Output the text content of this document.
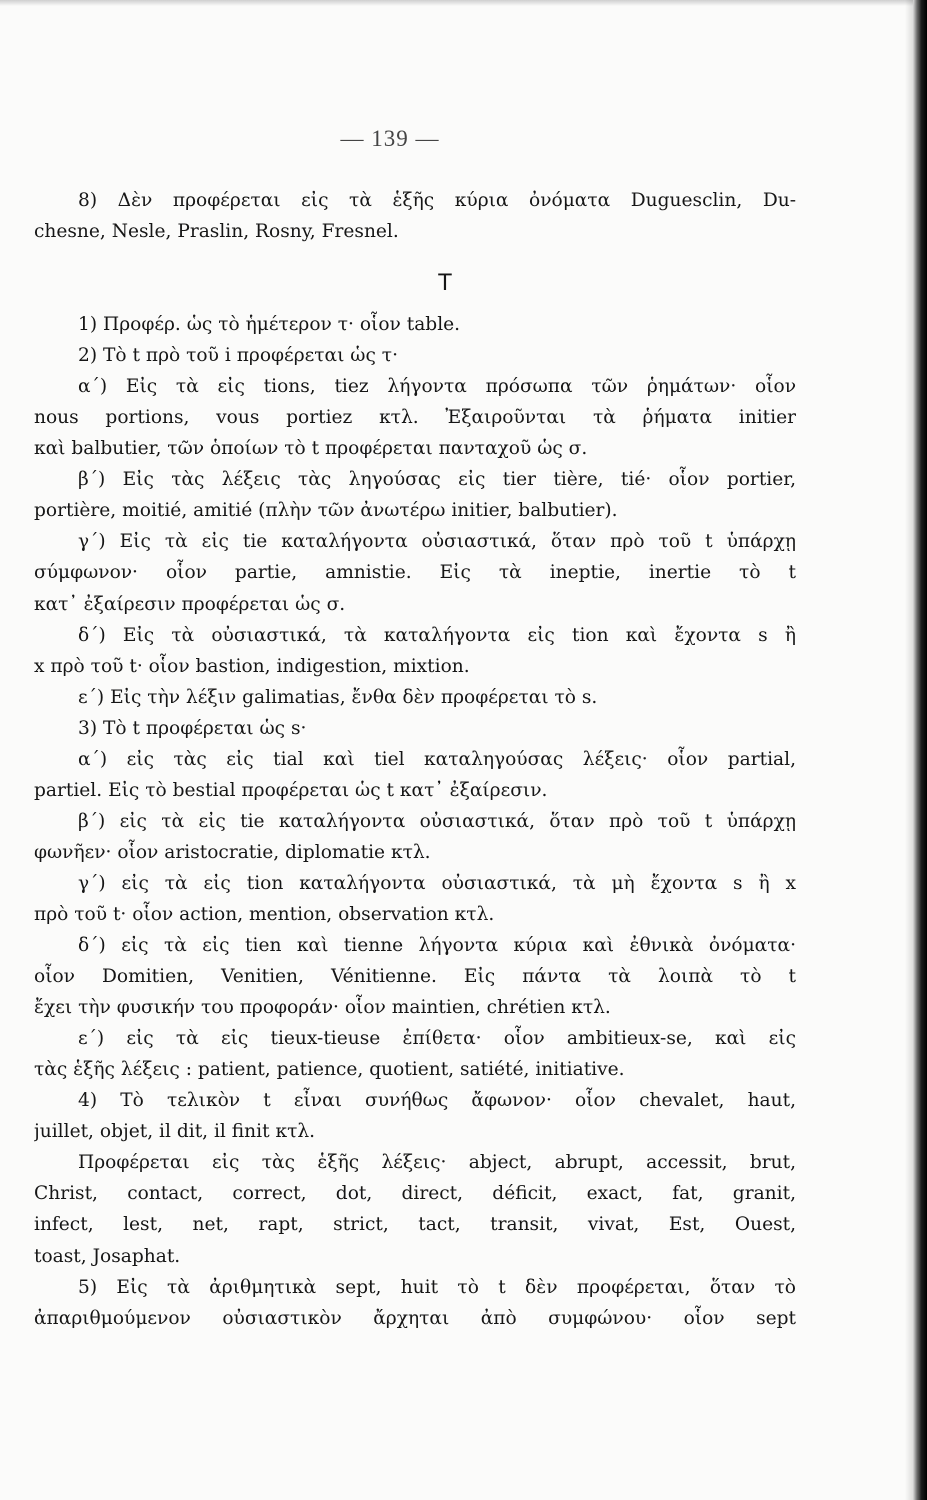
— 139 —
8) Δὲν προφέρεται εἰς τὰ ἑξῆς κύρια ὀνόματα Duguesclin, Du-
chesne, Nesle, Praslin, Rosny, Fresnel.
T
1) Προφέρ. ὡς τὸ ἡμέτερον τ· οἷον table.
2) Τὸ t πρὸ τοῦ i προφέρεται ὡς τ·
α΄) Εἰς τὰ εἰς tions, tiez λήγοντα πρόσωπα τῶν ῥημάτων· οἷον
nous portions, vous portiez κτλ. Ἐξαιροῦνται τὰ ῥήματα initier
καὶ balbutier, τῶν ὁποίων τὸ t προφέρεται πανταχοῦ ὡς σ.
β΄) Εἰς τὰς λέξεις τὰς ληγούσας εἰς tier tière, tié· οἷον portier,
portière, moitié, amitié (πλὴν τῶν ἀνωτέρω initier, balbutier).
γ΄) Εἰς τὰ εἰς tie καταλήγοντα οὐσιαστικά, ὅταν πρὸ τοῦ t ὑπάρχῃ
σύμφωνον· οἷον partie, amnistie. Εἰς τὰ ineptie, inertie τὸ t
κατ᾽ ἐξαίρεσιν προφέρεται ὡς σ.
δ΄) Εἰς τὰ οὐσιαστικά, τὰ καταλήγοντα εἰς tion καὶ ἔχοντα s ἢ
x πρὸ τοῦ t· οἷον bastion, indigestion, mixtion.
ε΄) Εἰς τὴν λέξιν galimatias, ἔνθα δὲν προφέρεται τὸ s.
3) Τὸ t προφέρεται ὡς s·
α΄) εἰς τὰς εἰς tial καὶ tiel καταληγούσας λέξεις· οἷον partial,
partiel. Εἰς τὸ bestial προφέρεται ὡς t κατ᾽ ἐξαίρεσιν.
β΄) εἰς τὰ εἰς tie καταλήγοντα οὐσιαστικά, ὅταν πρὸ τοῦ t ὑπάρχῃ
φωνῆεν· οἷον aristocratie, diplomatie κτλ.
γ΄) εἰς τὰ εἰς tion καταλήγοντα οὐσιαστικά, τὰ μὴ ἔχοντα s ἢ x
πρὸ τοῦ t· οἷον action, mention, observation κτλ.
δ΄) εἰς τὰ εἰς tien καὶ tienne λήγοντα κύρια καὶ ἐθνικὰ ὀνόματα·
οἷον Domitien, Venitien, Vénitienne. Εἰς πάντα τὰ λοιπὰ τὸ t
ἔχει τὴν φυσικήν του προφοράν· οἷον maintien, chrétien κτλ.
ε΄) εἰς τὰ εἰς tieux-tieuse ἐπίθετα· οἷον ambitieux-se, καὶ εἰς
τὰς ἑξῆς λέξεις : patient, patience, quotient, satiété, initiative.
4) Τὸ τελικὸν t εἶναι συνήθως ἄφωνον· οἷον chevalet, haut,
juillet, objet, il dit, il finit κτλ.
Προφέρεται εἰς τὰς ἑξῆς λέξεις· abject, abrupt, accessit, brut,
Christ, contact, correct, dot, direct, déficit, exact, fat, granit,
infect, lest, net, rapt, strict, tact, transit, vivat, Est, Ouest,
toast, Josaphat.
5) Εἰς τὰ ἀριθμητικὰ sept, huit τὸ t δὲν προφέρεται, ὅταν τὸ
ἀπαριθμούμενον οὐσιαστικὸν ἄρχηται ἀπὸ συμφώνου· οἷον sept
